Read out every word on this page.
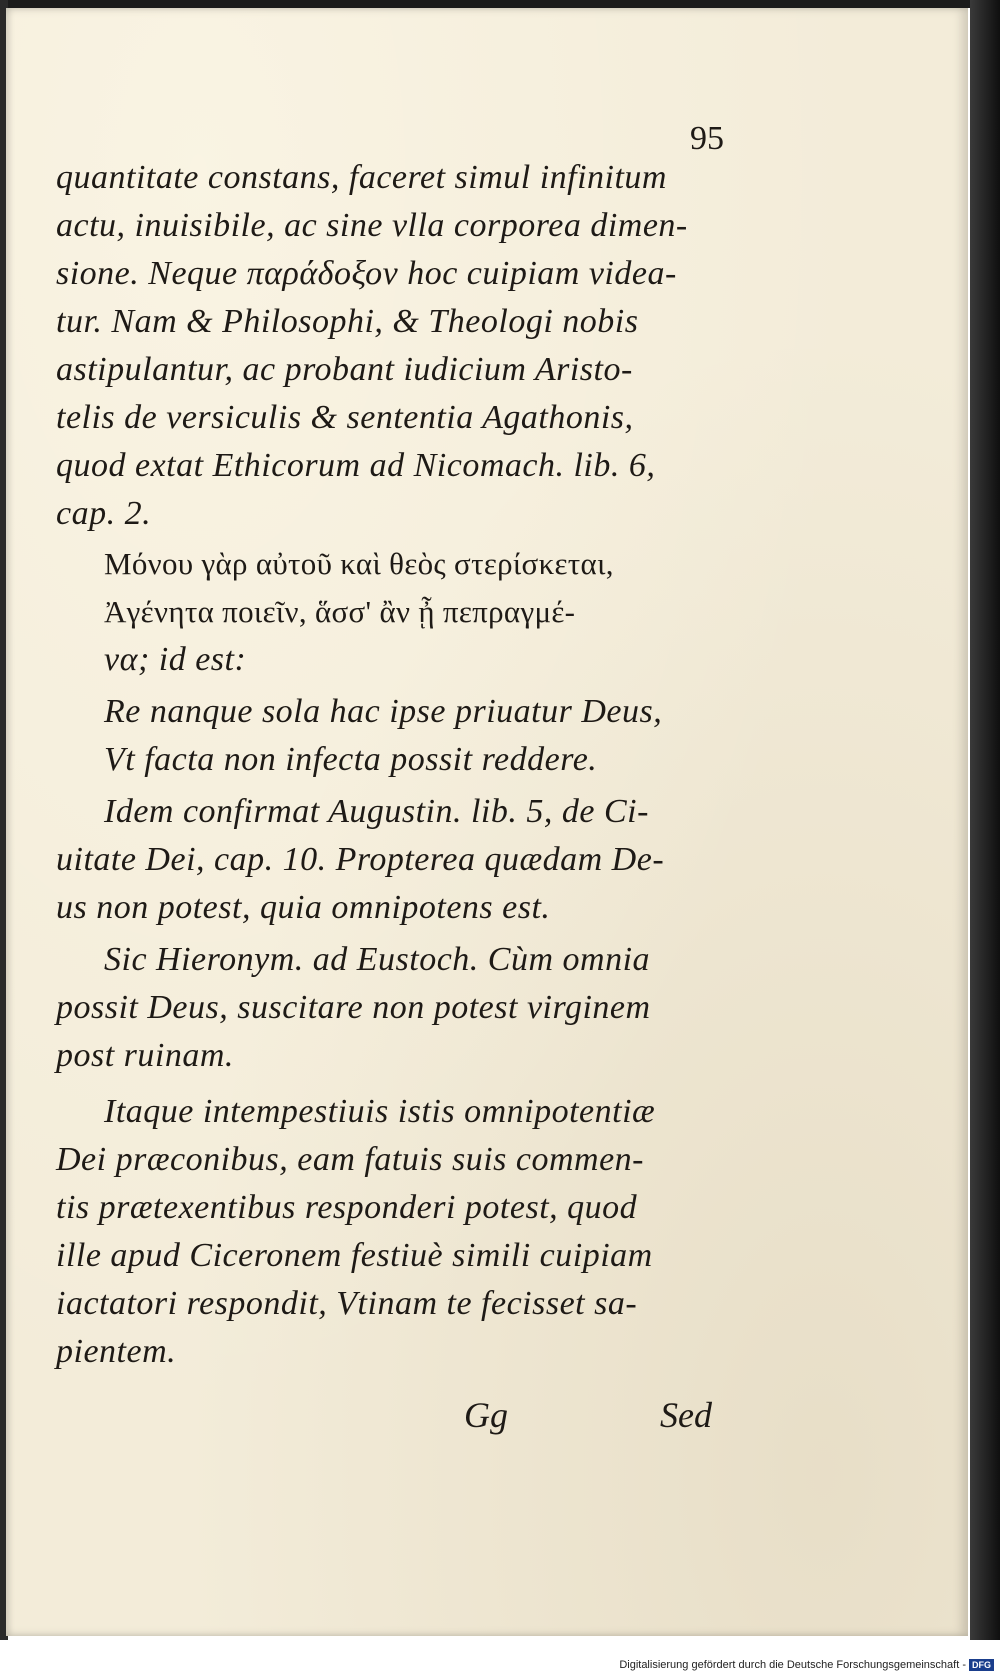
95
quantitate constans, faceret simul infinitum
actu, inuisibile, ac sine vlla corporea dimen-
sione. Neque παράδοξον hoc cuipiam videa-
tur. Nam & Philosophi, & Theologi nobis
astipulantur, ac probant iudicium Aristo-
telis de versiculis & sententia Agathonis,
quod extat Ethicorum ad Nicomach. lib. 6,
cap. 2.
Μόνου γὰρ αὐτοῦ καὶ θεὸς στερίσκεται,
Ἀγένητα ποιεῖν, ἅσσ' ἂν ᾖ πεπραγμέ-
να; id est:
Re nanque sola hac ipse priuatur Deus,
Vt facta non infecta possit reddere.
Idem confirmat Augustin. lib. 5, de Ci-
uitate Dei, cap. 10. Propterea quædam De-
us non potest, quia omnipotens est.
Sic Hieronym. ad Eustoch. Cùm omnia
possit Deus, suscitare non potest virginem
post ruinam.
Itaque intempestiuis istis omnipotentiæ
Dei præconibus, eam fatuis suis commen-
tis prætexentibus responderi potest, quod
ille apud Ciceronem festiuè simili cuipiam
iactatori respondit, Vtinam te fecisset sa-
pientem.
Gg	Sed
Digitalisierung gefördert durch die Deutsche Forschungsgemeinschaft - DFG
